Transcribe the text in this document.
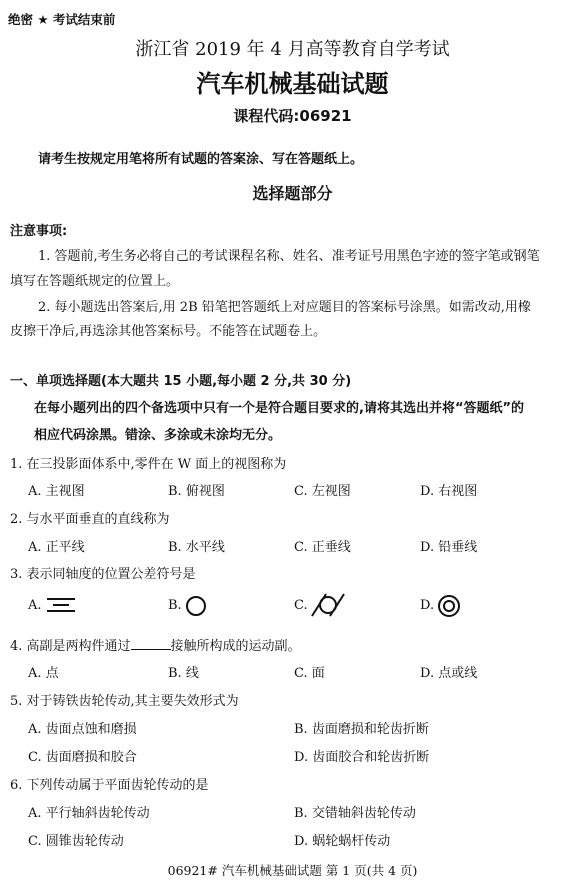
绝密 ★ 考试结束前
浙江省 2019 年 4 月高等教育自学考试
汽车机械基础试题
课程代码:06921
请考生按规定用笔将所有试题的答案涂、写在答题纸上。
选择题部分
注意事项:
1. 答题前,考生务必将自己的考试课程名称、姓名、准考证号用黑色字迹的签字笔或钢笔
填写在答题纸规定的位置上。
2. 每小题选出答案后,用 2B 铅笔把答题纸上对应题目的答案标号涂黑。如需改动,用橡
皮擦干净后,再选涂其他答案标号。不能答在试题卷上。
一、单项选择题(本大题共 15 小题,每小题 2 分,共 30 分)
在每小题列出的四个备选项中只有一个是符合题目要求的,请将其选出并将“答题纸”的
相应代码涂黑。错涂、多涂或未涂均无分。
1. 在三投影面体系中,零件在 W 面上的视图称为
A. 主视图	B. 俯视图	C. 左视图	D. 右视图
2. 与水平面垂直的直线称为
A. 正平线	B. 水平线	C. 正垂线	D. 铅垂线
3. 表示同轴度的位置公差符号是
A.	B.	C.	D.
4. 高副是两构件通过	接触所构成的运动副。
A. 点	B. 线	C. 面	D. 点或线
5. 对于铸铁齿轮传动,其主要失效形式为
A. 齿面点蚀和磨损	B. 齿面磨损和轮齿折断
C. 齿面磨损和胶合	D. 齿面胶合和轮齿折断
6. 下列传动属于平面齿轮传动的是
A. 平行轴斜齿轮传动	B. 交错轴斜齿轮传动
C. 圆锥齿轮传动	D. 蜗轮蜗杆传动
06921# 汽车机械基础试题 第 1 页(共 4 页)
